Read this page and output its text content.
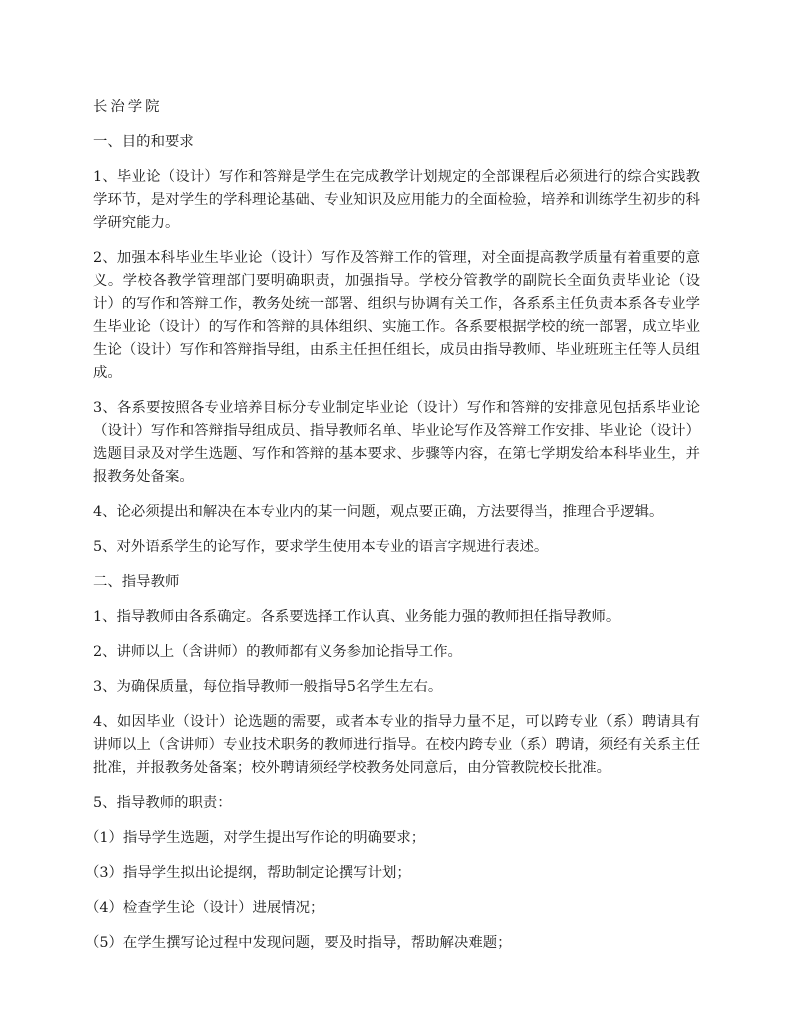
长治学院

一、目的和要求

1、毕业论（设计）写作和答辩是学生在完成教学计划规定的全部课程后必须进行的综合实践教学环节，是对学生的学科理论基础、专业知识及应用能力的全面检验，培养和训练学生初步的科学研究能力。

2、加强本科毕业生毕业论（设计）写作及答辩工作的管理，对全面提高教学质量有着重要的意义。学校各教学管理部门要明确职责，加强指导。学校分管教学的副院长全面负责毕业论（设计）的写作和答辩工作，教务处统一部署、组织与协调有关工作，各系系主任负责本系各专业学生毕业论（设计）的写作和答辩的具体组织、实施工作。各系要根据学校的统一部署，成立毕业生论（设计）写作和答辩指导组，由系主任担任组长，成员由指导教师、毕业班班主任等人员组成。

3、各系要按照各专业培养目标分专业制定毕业论（设计）写作和答辩的安排意见包括系毕业论（设计）写作和答辩指导组成员、指导教师名单、毕业论写作及答辩工作安排、毕业论（设计）选题目录及对学生选题、写作和答辩的基本要求、步骤等内容，在第七学期发给本科毕业生，并报教务处备案。

4、论必须提出和解决在本专业内的某一问题，观点要正确，方法要得当，推理合乎逻辑。

5、对外语系学生的论写作，要求学生使用本专业的语言字规进行表述。

二、指导教师

1、指导教师由各系确定。各系要选择工作认真、业务能力强的教师担任指导教师。

2、讲师以上（含讲师）的教师都有义务参加论指导工作。

3、为确保质量，每位指导教师一般指导5名学生左右。

4、如因毕业（设计）论选题的需要，或者本专业的指导力量不足，可以跨专业（系）聘请具有讲师以上（含讲师）专业技术职务的教师进行指导。在校内跨专业（系）聘请，须经有关系主任批准，并报教务处备案；校外聘请须经学校教务处同意后，由分管教院校长批准。

5、指导教师的职责：

（1）指导学生选题，对学生提出写作论的明确要求；

（3）指导学生拟出论提纲，帮助制定论撰写计划；

（4）检查学生论（设计）进展情况；

（5）在学生撰写论过程中发现问题，要及时指导，帮助解决难题；
